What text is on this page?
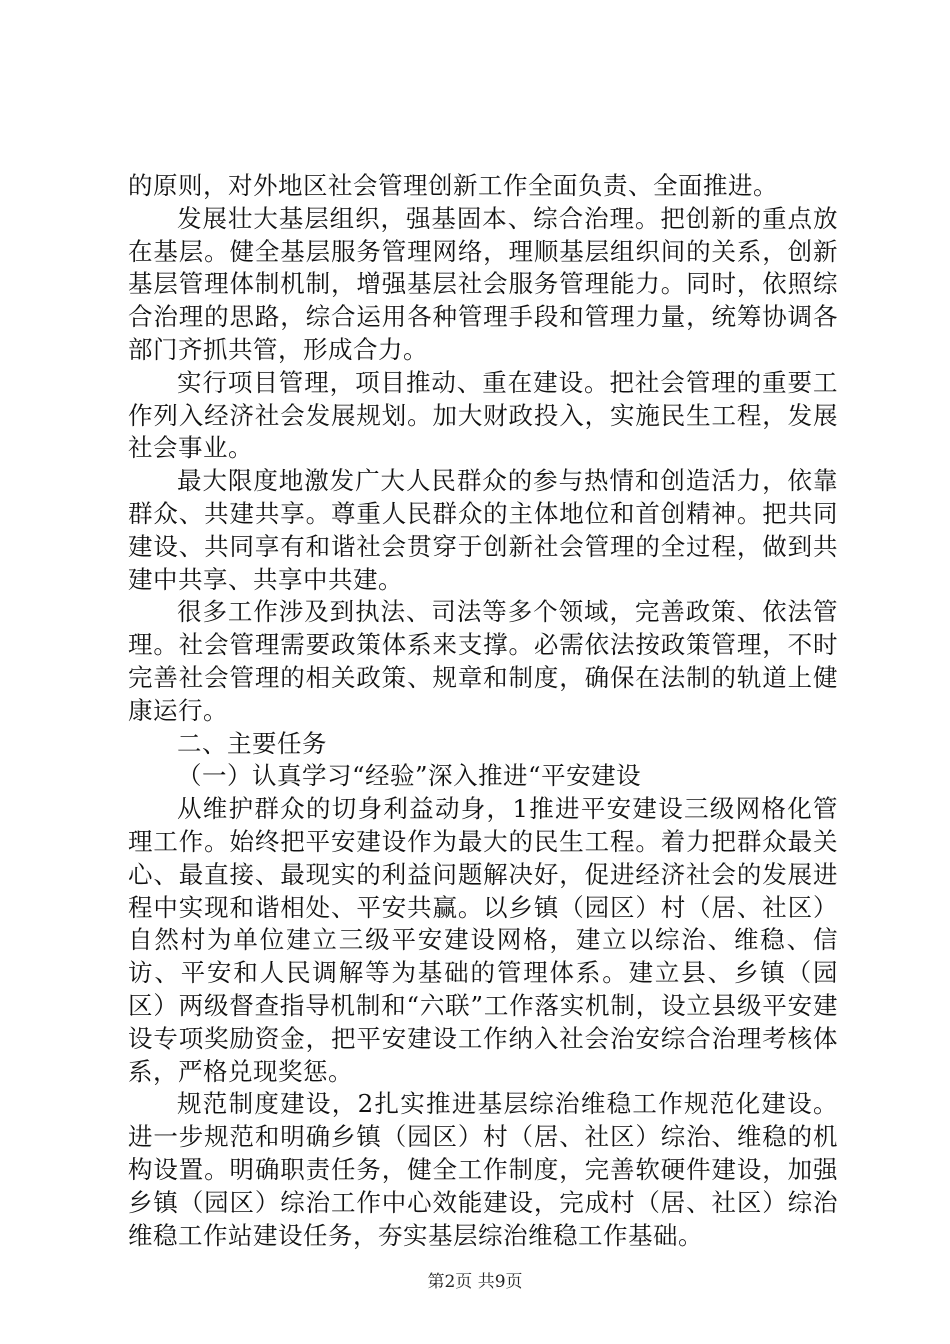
的原则，对外地区社会管理创新工作全面负责、全面推进。

发展壮大基层组织，强基固本、综合治理。把创新的重点放在基层。健全基层服务管理网络，理顺基层组织间的关系，创新基层管理体制机制，增强基层社会服务管理能力。同时，依照综合治理的思路，综合运用各种管理手段和管理力量，统筹协调各部门齐抓共管，形成合力。

实行项目管理，项目推动、重在建设。把社会管理的重要工作列入经济社会发展规划。加大财政投入，实施民生工程，发展社会事业。

最大限度地激发广大人民群众的参与热情和创造活力，依靠群众、共建共享。尊重人民群众的主体地位和首创精神。把共同建设、共同享有和谐社会贯穿于创新社会管理的全过程，做到共建中共享、共享中共建。

很多工作涉及到执法、司法等多个领域，完善政策、依法管理。社会管理需要政策体系来支撑。必需依法按政策管理，不时完善社会管理的相关政策、规章和制度，确保在法制的轨道上健康运行。

二、主要任务

（一）认真学习“经验”深入推进“平安建设

从维护群众的切身利益动身，1推进平安建设三级网格化管理工作。始终把平安建设作为最大的民生工程。着力把群众最关心、最直接、最现实的利益问题解决好，促进经济社会的发展进程中实现和谐相处、平安共赢。以乡镇（园区）村（居、社区）自然村为单位建立三级平安建设网格，建立以综治、维稳、信访、平安和人民调解等为基础的管理体系。建立县、乡镇（园区）两级督查指导机制和“六联”工作落实机制，设立县级平安建设专项奖励资金，把平安建设工作纳入社会治安综合治理考核体系，严格兑现奖惩。

规范制度建设，2扎实推进基层综治维稳工作规范化建设。进一步规范和明确乡镇（园区）村（居、社区）综治、维稳的机构设置。明确职责任务，健全工作制度，完善软硬件建设，加强乡镇（园区）综治工作中心效能建设，完成村（居、社区）综治维稳工作站建设任务，夯实基层综治维稳工作基础。

第2页 共9页
